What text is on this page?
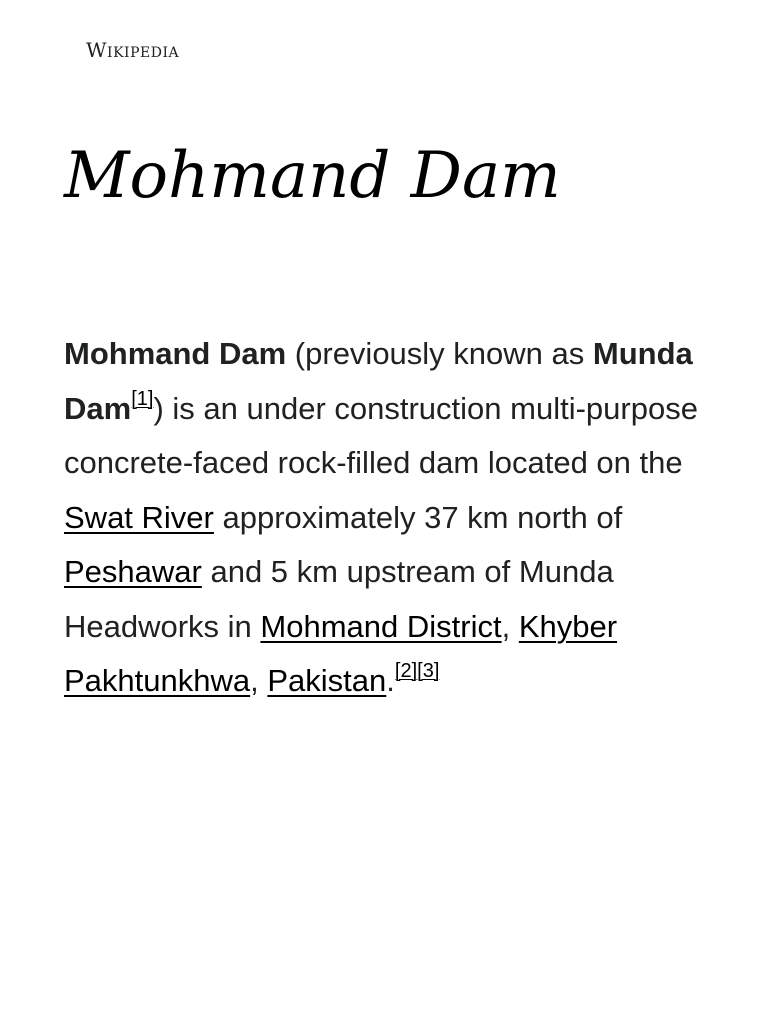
Wikipedia
Mohmand Dam

Mohmand Dam (previously known as Munda Dam[1]) is an under construction multi-purpose concrete-faced rock-filled dam located on the Swat River approximately 37 km north of Peshawar and 5 km upstream of Munda Headworks in Mohmand District, Khyber Pakhtunkhwa, Pakistan.[2][3]
